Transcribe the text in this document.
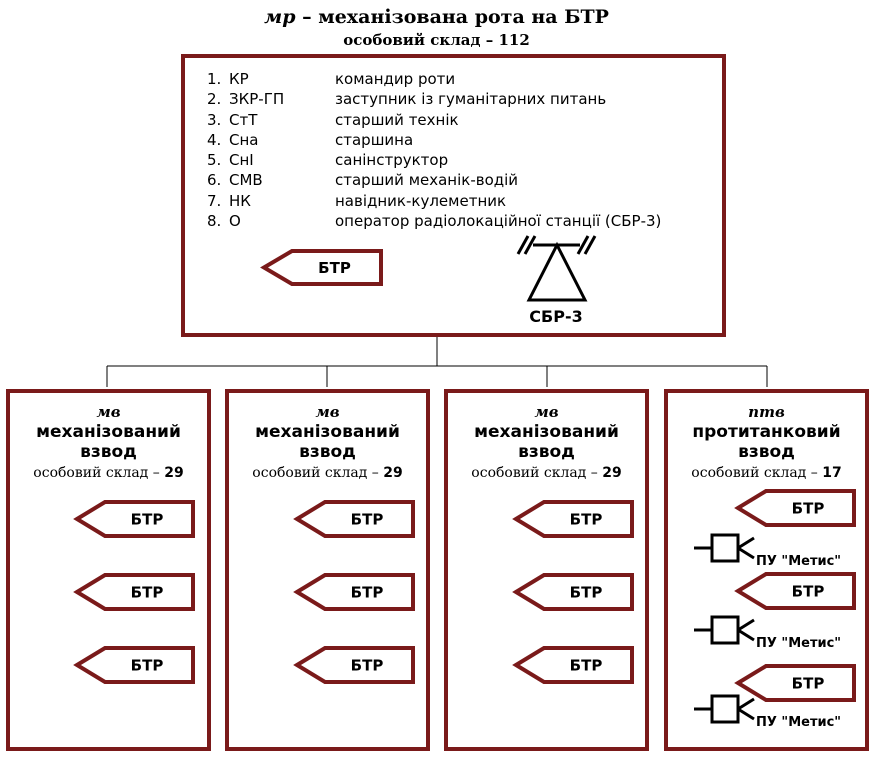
мр – механізована рота на БТР
особовий склад – 112
1. КР	командир роти
2. ЗКР-ГП	заступник із гуманітарних питань
3. СтТ	старший технік
4. Сна	старшина
5. СнІ	санінструктор
6. СМВ	старший механік-водій
7. НК	навідник-кулеметник
8. О	оператор радіолокаційної станції (СБР-3)
мв
механізований взвод
особовий склад – 29
мв
механізований взвод
особовий склад – 29
мв
механізований взвод
особовий склад – 29
птв
протитанковий взвод
особовий склад – 17
БТР
СБР-3
БТР
БТР
БТР
БТР
БТР
БТР
БТР
БТР
БТР
БТР
БТР
БТР
ПУ "Метис"
ПУ "Метис"
ПУ "Метис"
